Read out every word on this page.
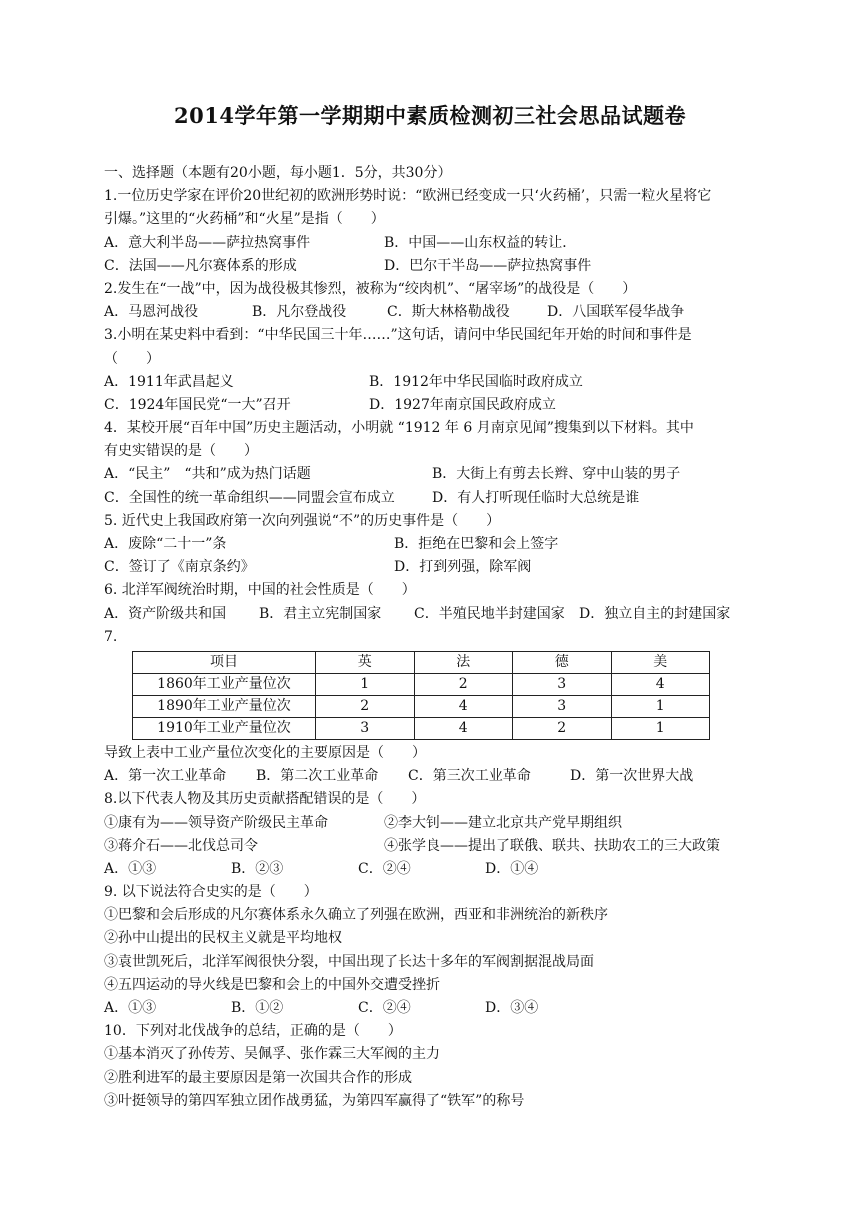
2014学年第一学期期中素质检测初三社会思品试题卷
一、选择题（本题有20小题，每小题1．5分，共30分）
1.一位历史学家在评价20世纪初的欧洲形势时说：“欧洲已经变成一只‘火药桶’，只需一粒火星将它
引爆。”这里的“火药桶”和“火星”是指（　　）
A．意大利半岛——萨拉热窝事件	B．中国——山东权益的转让．
C．法国——凡尔赛体系的形成	D．巴尔干半岛——萨拉热窝事件
2.发生在“一战”中，因为战役极其惨烈，被称为“绞肉机”、“屠宰场”的战役是（　　）
A．马恩河战役	B．凡尔登战役	C．斯大林格勒战役	D．八国联军侵华战争
3.小明在某史料中看到：“中华民国三十年……”这句话，请问中华民国纪年开始的时间和事件是
（　　）
A．1911年武昌起义	B．1912年中华民国临时政府成立
C．1924年国民党“一大”召开	D．1927年南京国民政府成立
4．某校开展“百年中国”历史主题活动，小明就 “1912 年 6 月南京见闻”搜集到以下材料。其中
有史实错误的是（　　）
A．“民主”　“共和”成为热门话题	B．大街上有剪去长辫、穿中山装的男子
C．全国性的统一革命组织——同盟会宣布成立	D．有人打听现任临时大总统是谁
5. 近代史上我国政府第一次向列强说“不”的历史事件是（　　）
A．废除“二十一”条	B．拒绝在巴黎和会上签字
C．签订了《南京条约》	D．打到列强，除军阀
6. 北洋军阀统治时期，中国的社会性质是（　　）
A．资产阶级共和国	B．君主立宪制国家	C．半殖民地半封建国家	D．独立自主的封建国家
7.
项目	英	法	德	美
1860年工业产量位次	1	2	3	4
1890年工业产量位次	2	4	3	1
1910年工业产量位次	3	4	2	1
导致上表中工业产量位次变化的主要原因是（　　）
A．第一次工业革命	B．第二次工业革命	C．第三次工业革命	D．第一次世界大战
8.以下代表人物及其历史贡献搭配错误的是（　　）
①康有为——领导资产阶级民主革命	②李大钊——建立北京共产党早期组织
③蒋介石——北伐总司令	④张学良——提出了联俄、联共、扶助农工的三大政策
A．①③	B．②③	C．②④	D．①④
9. 以下说法符合史实的是（　　）
①巴黎和会后形成的凡尔赛体系永久确立了列强在欧洲，西亚和非洲统治的新秩序
②孙中山提出的民权主义就是平均地权
③袁世凯死后，北洋军阀很快分裂，中国出现了长达十多年的军阀割据混战局面
④五四运动的导火线是巴黎和会上的中国外交遭受挫折
A．①③	B．①②	C．②④	D．③④
10．下列对北伐战争的总结，正确的是（　　）
①基本消灭了孙传芳、吴佩孚、张作霖三大军阀的主力
②胜利进军的最主要原因是第一次国共合作的形成
③叶挺领导的第四军独立团作战勇猛，为第四军赢得了“铁军”的称号
